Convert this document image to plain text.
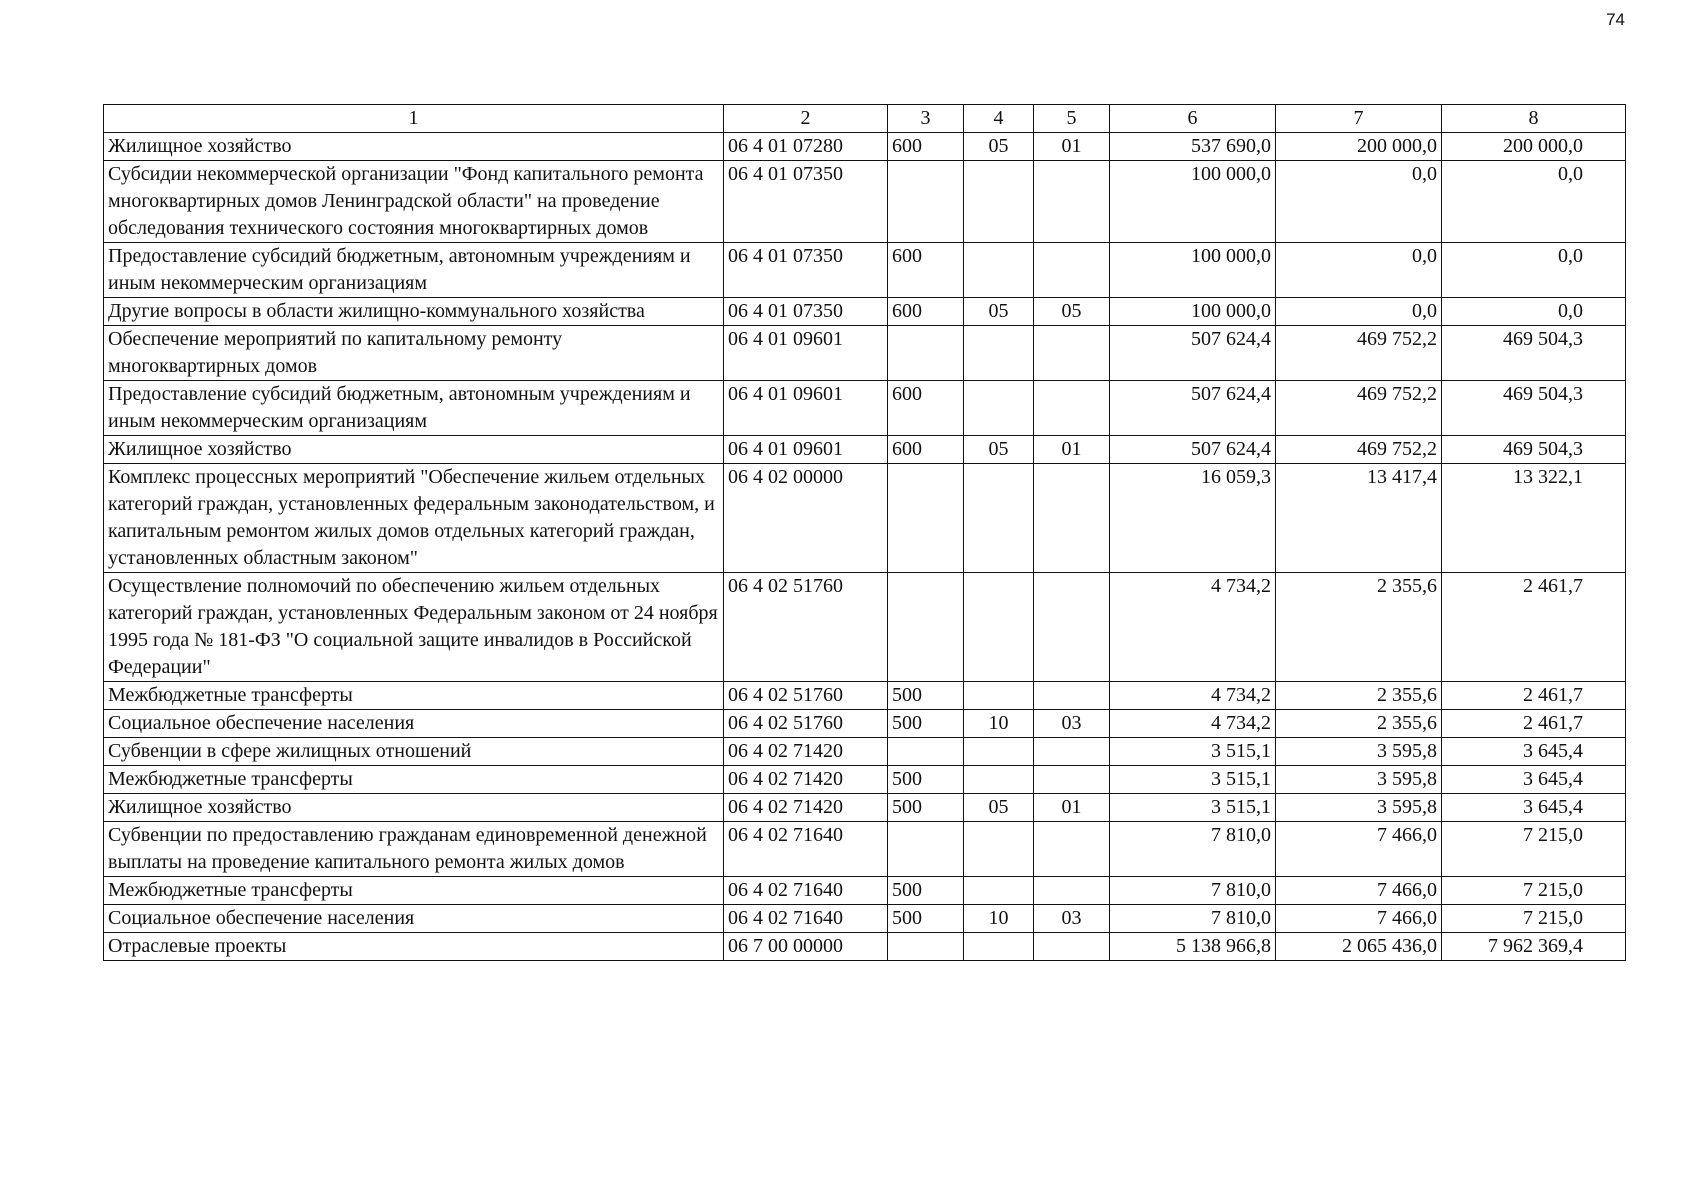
74
1	2	3	4	5	6	7	8
Жилищное хозяйство	06 4 01 07280	600	05	01	537 690,0	200 000,0	200 000,0
Субсидии некоммерческой организации "Фонд капитального ремонта многоквартирных домов Ленинградской области" на проведение обследования технического состояния многоквартирных домов	06 4 01 07350				100 000,0	0,0	0,0
Предоставление субсидий бюджетным, автономным учреждениям и иным некоммерческим организациям	06 4 01 07350	600			100 000,0	0,0	0,0
Другие вопросы в области жилищно-коммунального хозяйства	06 4 01 07350	600	05	05	100 000,0	0,0	0,0
Обеспечение мероприятий по капитальному ремонту многоквартирных домов	06 4 01 09601				507 624,4	469 752,2	469 504,3
Предоставление субсидий бюджетным, автономным учреждениям и иным некоммерческим организациям	06 4 01 09601	600			507 624,4	469 752,2	469 504,3
Жилищное хозяйство	06 4 01 09601	600	05	01	507 624,4	469 752,2	469 504,3
Комплекс процессных мероприятий "Обеспечение жильем отдельных категорий граждан, установленных федеральным законодательством, и капитальным ремонтом жилых домов отдельных категорий граждан, установленных областным законом"	06 4 02 00000				16 059,3	13 417,4	13 322,1
Осуществление полномочий по обеспечению жильем отдельных категорий граждан, установленных Федеральным законом от 24 ноября 1995 года № 181-ФЗ "О социальной защите инвалидов в Российской Федерации"	06 4 02 51760				4 734,2	2 355,6	2 461,7
Межбюджетные трансферты	06 4 02 51760	500			4 734,2	2 355,6	2 461,7
Социальное обеспечение населения	06 4 02 51760	500	10	03	4 734,2	2 355,6	2 461,7
Субвенции в сфере жилищных отношений	06 4 02 71420				3 515,1	3 595,8	3 645,4
Межбюджетные трансферты	06 4 02 71420	500			3 515,1	3 595,8	3 645,4
Жилищное хозяйство	06 4 02 71420	500	05	01	3 515,1	3 595,8	3 645,4
Субвенции по предоставлению гражданам единовременной денежной выплаты на проведение капитального ремонта жилых домов	06 4 02 71640				7 810,0	7 466,0	7 215,0
Межбюджетные трансферты	06 4 02 71640	500			7 810,0	7 466,0	7 215,0
Социальное обеспечение населения	06 4 02 71640	500	10	03	7 810,0	7 466,0	7 215,0
Отраслевые проекты	06 7 00 00000				5 138 966,8	2 065 436,0	7 962 369,4
